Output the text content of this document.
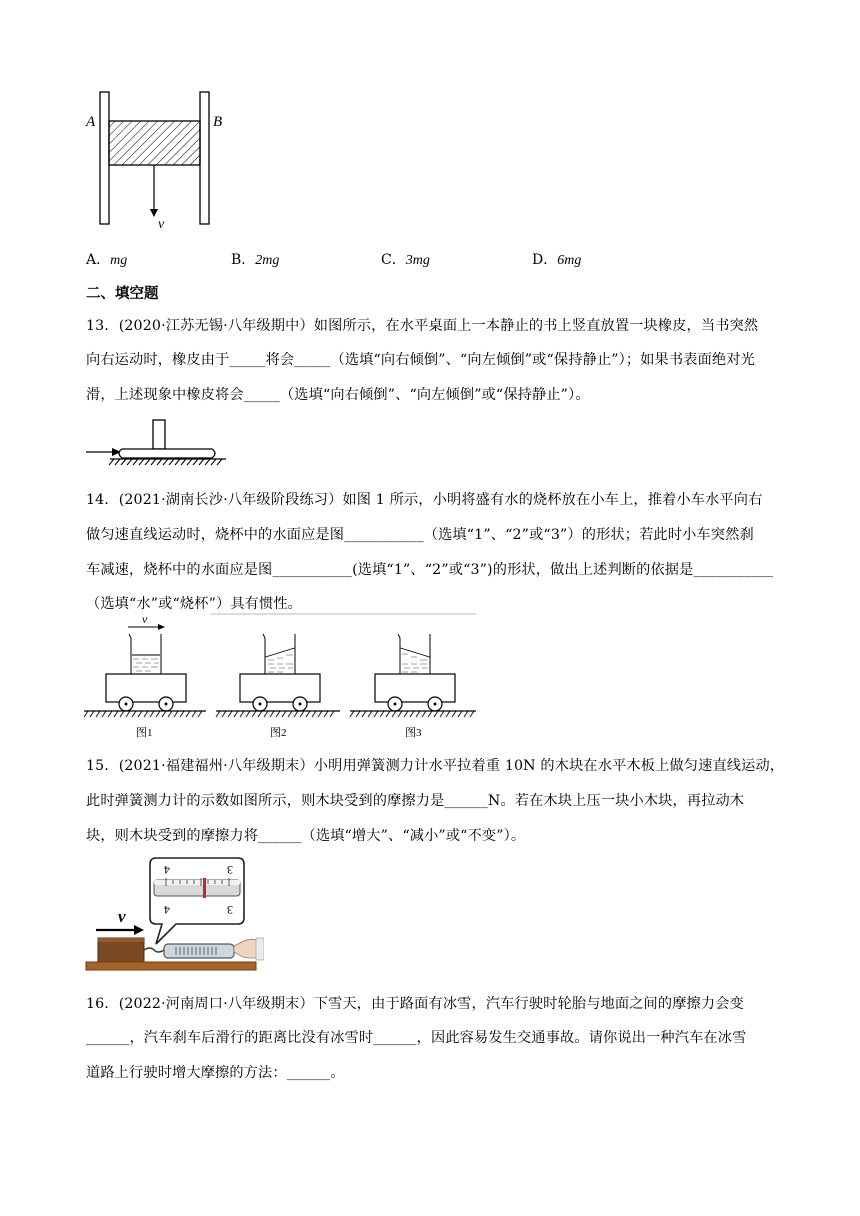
A	B
v
A．mg	B．2mg	C．3mg	D．6mg
二、填空题
13．(2020·江苏无锡·八年级期中）如图所示，在水平桌面上一本静止的书上竖直放置一块橡皮，当书突然
向右运动时，橡皮由于_____将会_____（选填“向右倾倒”、“向左倾倒”或“保持静止”）；如果书表面绝对光
滑，上述现象中橡皮将会_____（选填“向右倾倒”、“向左倾倒”或“保持静止”）。
14．(2021·湖南长沙·八年级阶段练习）如图 1 所示，小明将盛有水的烧杯放在小车上，推着小车水平向右
做匀速直线运动时，烧杯中的水面应是图___________（选填“1”、“2”或“3”）的形状；若此时小车突然刹
车减速，烧杯中的水面应是图___________(选填“1”、“2”或“3”)的形状，做出上述判断的依据是___________
（选填“水”或“烧杯”）具有惯性。
v
图1	图2	图3
15．(2021·福建福州·八年级期末）小明用弹簧测力计水平拉着重 10N 的木块在水平木板上做匀速直线运动，
此时弹簧测力计的示数如图所示，则木块受到的摩擦力是______N。若在木块上压一块小木块，再拉动木
块，则木块受到的摩擦力将______（选填“增大”、“减小”或“不变”）。
4	3
4	3
v
16．(2022·河南周口·八年级期末）下雪天，由于路面有冰雪，汽车行驶时轮胎与地面之间的摩擦力会变
______，汽车刹车后滑行的距离比没有冰雪时______，因此容易发生交通事故。请你说出一种汽车在冰雪
道路上行驶时增大摩擦的方法：______。
